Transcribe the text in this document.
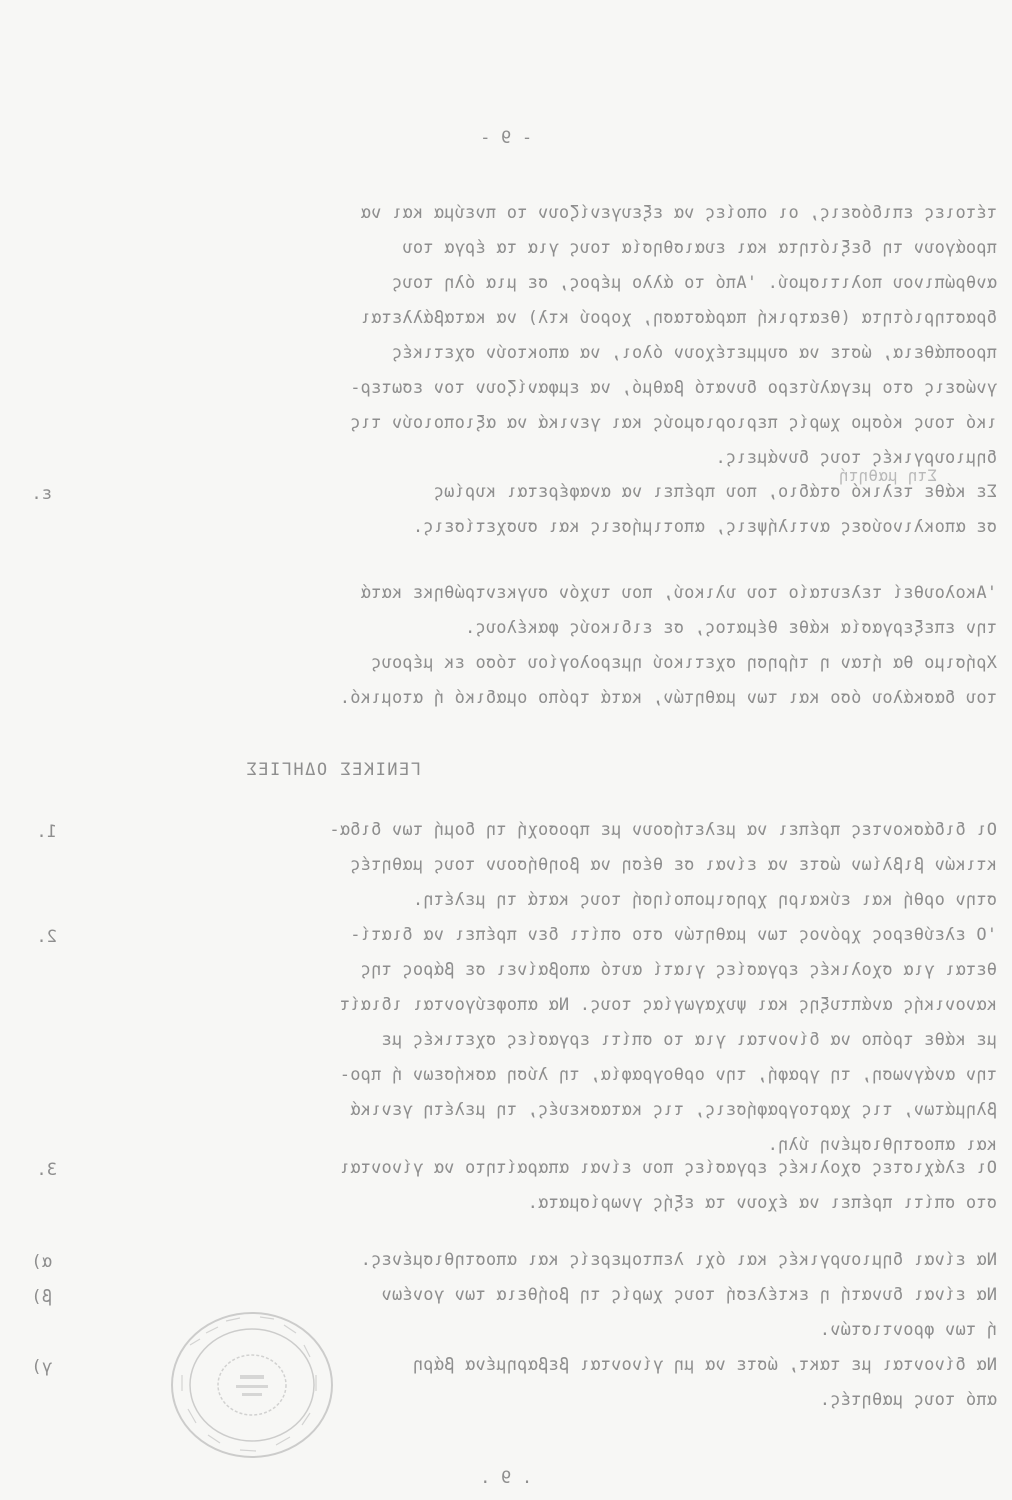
- 9 -
τέτοιες επιδόσεις, οι οποίες να εξευγενίζουν το πνεύμα και να
προάγουν τη δεξιότητα και ευαισθησία τους για τα έργα του
ανθρώπινου πολιτισμού. 'Από το άλλο μέρος, σε μια όλη τους
δραστηριότητα (θεατρική παράσταση, χορού κτλ) να καταβάλλεται
προσπάθεια, ώστε να συμμετέχουν όλοι, να αποκτούν σχετικές
γνώσεις στο μεγαλύτερο δυνατό βαθμό, να εμφανίζουν τον εσωτερ-
ικό τους κόσμο χωρίς περιορισμούς και γενικά να αξιοποιούν τις
δημιουργικές τους δυνάμεις.
Στη μαθητή
ε.	Σε κάθε τελικό στάδιο, που πρέπει να αναφέρεται κυρίως
σε αποκλινούσες αντιλήψεις, αποτιμήσεις και συσχετίσεις.
'Ακολουθεί τελευταίο του υλικού, που τυχόν συγκεντρώθηκε κατά
την επεξεργασία κάθε θέματος, σε ειδικούς φακέλους.
Χρήσιμο θα ήταν η τήρηση σχετικού ημερολογίου τόσο εκ μέρους
του δασκάλου όσο και των μαθητών, κατά τρόπο ομαδικό ή ατομικό.
ΓΕΝΙΚΕΣ ΟΔΗΓΙΕΣ
1.	Οι διδάσκοντες πρέπει να μελετήσουν με προσοχή τη δομή των διδα-
κτικών βιβλίων ώστε να είναι σε θέση να βοηθήσουν τους μαθητές
στην ορθή και εύκαιρη χρησιμοποίησή τους κατά τη μελέτη.
2.	'Ο ελεύθερος χρόνος των μαθητών στο σπίτι δεν πρέπει να διατί-
θεται για σχολικές εργασίες γιατί αυτό αποβαίνει σε βάρος της
κανονικής ανάπτυξης και ψυχαγωγίας τους. Να αποφεύγονται ιδιαίτ
με κάθε τρόπο να δίνονται για το σπίτι εργασίες σχετικές με
την ανάγνωση, τη γραφή, την ορθογραφία, τη λύση ασκήσεων ή προ-
βλημάτων, τις χαρτογραφήσεις, τις κατασκευές, τη μελέτη γενικά
και αποστηθισμένη ύλη.
3.	Οι ελάχιστες σχολικές εργασίες που είναι απαραίτητο να γίνονται
στο σπίτι πρέπει να έχουν τα εξής γνωρίσματα.
α)	Να είναι δημιουργικές και όχι λεπτομερείς και αποστηθισμένες.
β)	Να είναι δυνατή η εκτέλεσή τους χωρίς τη βοήθεια των γονέων
ή των φροντιστών.
γ)	Να δίνονται με τακτ, ώστε να μη γίνονται βεβαρημένα βάρη
από τους μαθητές.
. 9 .
